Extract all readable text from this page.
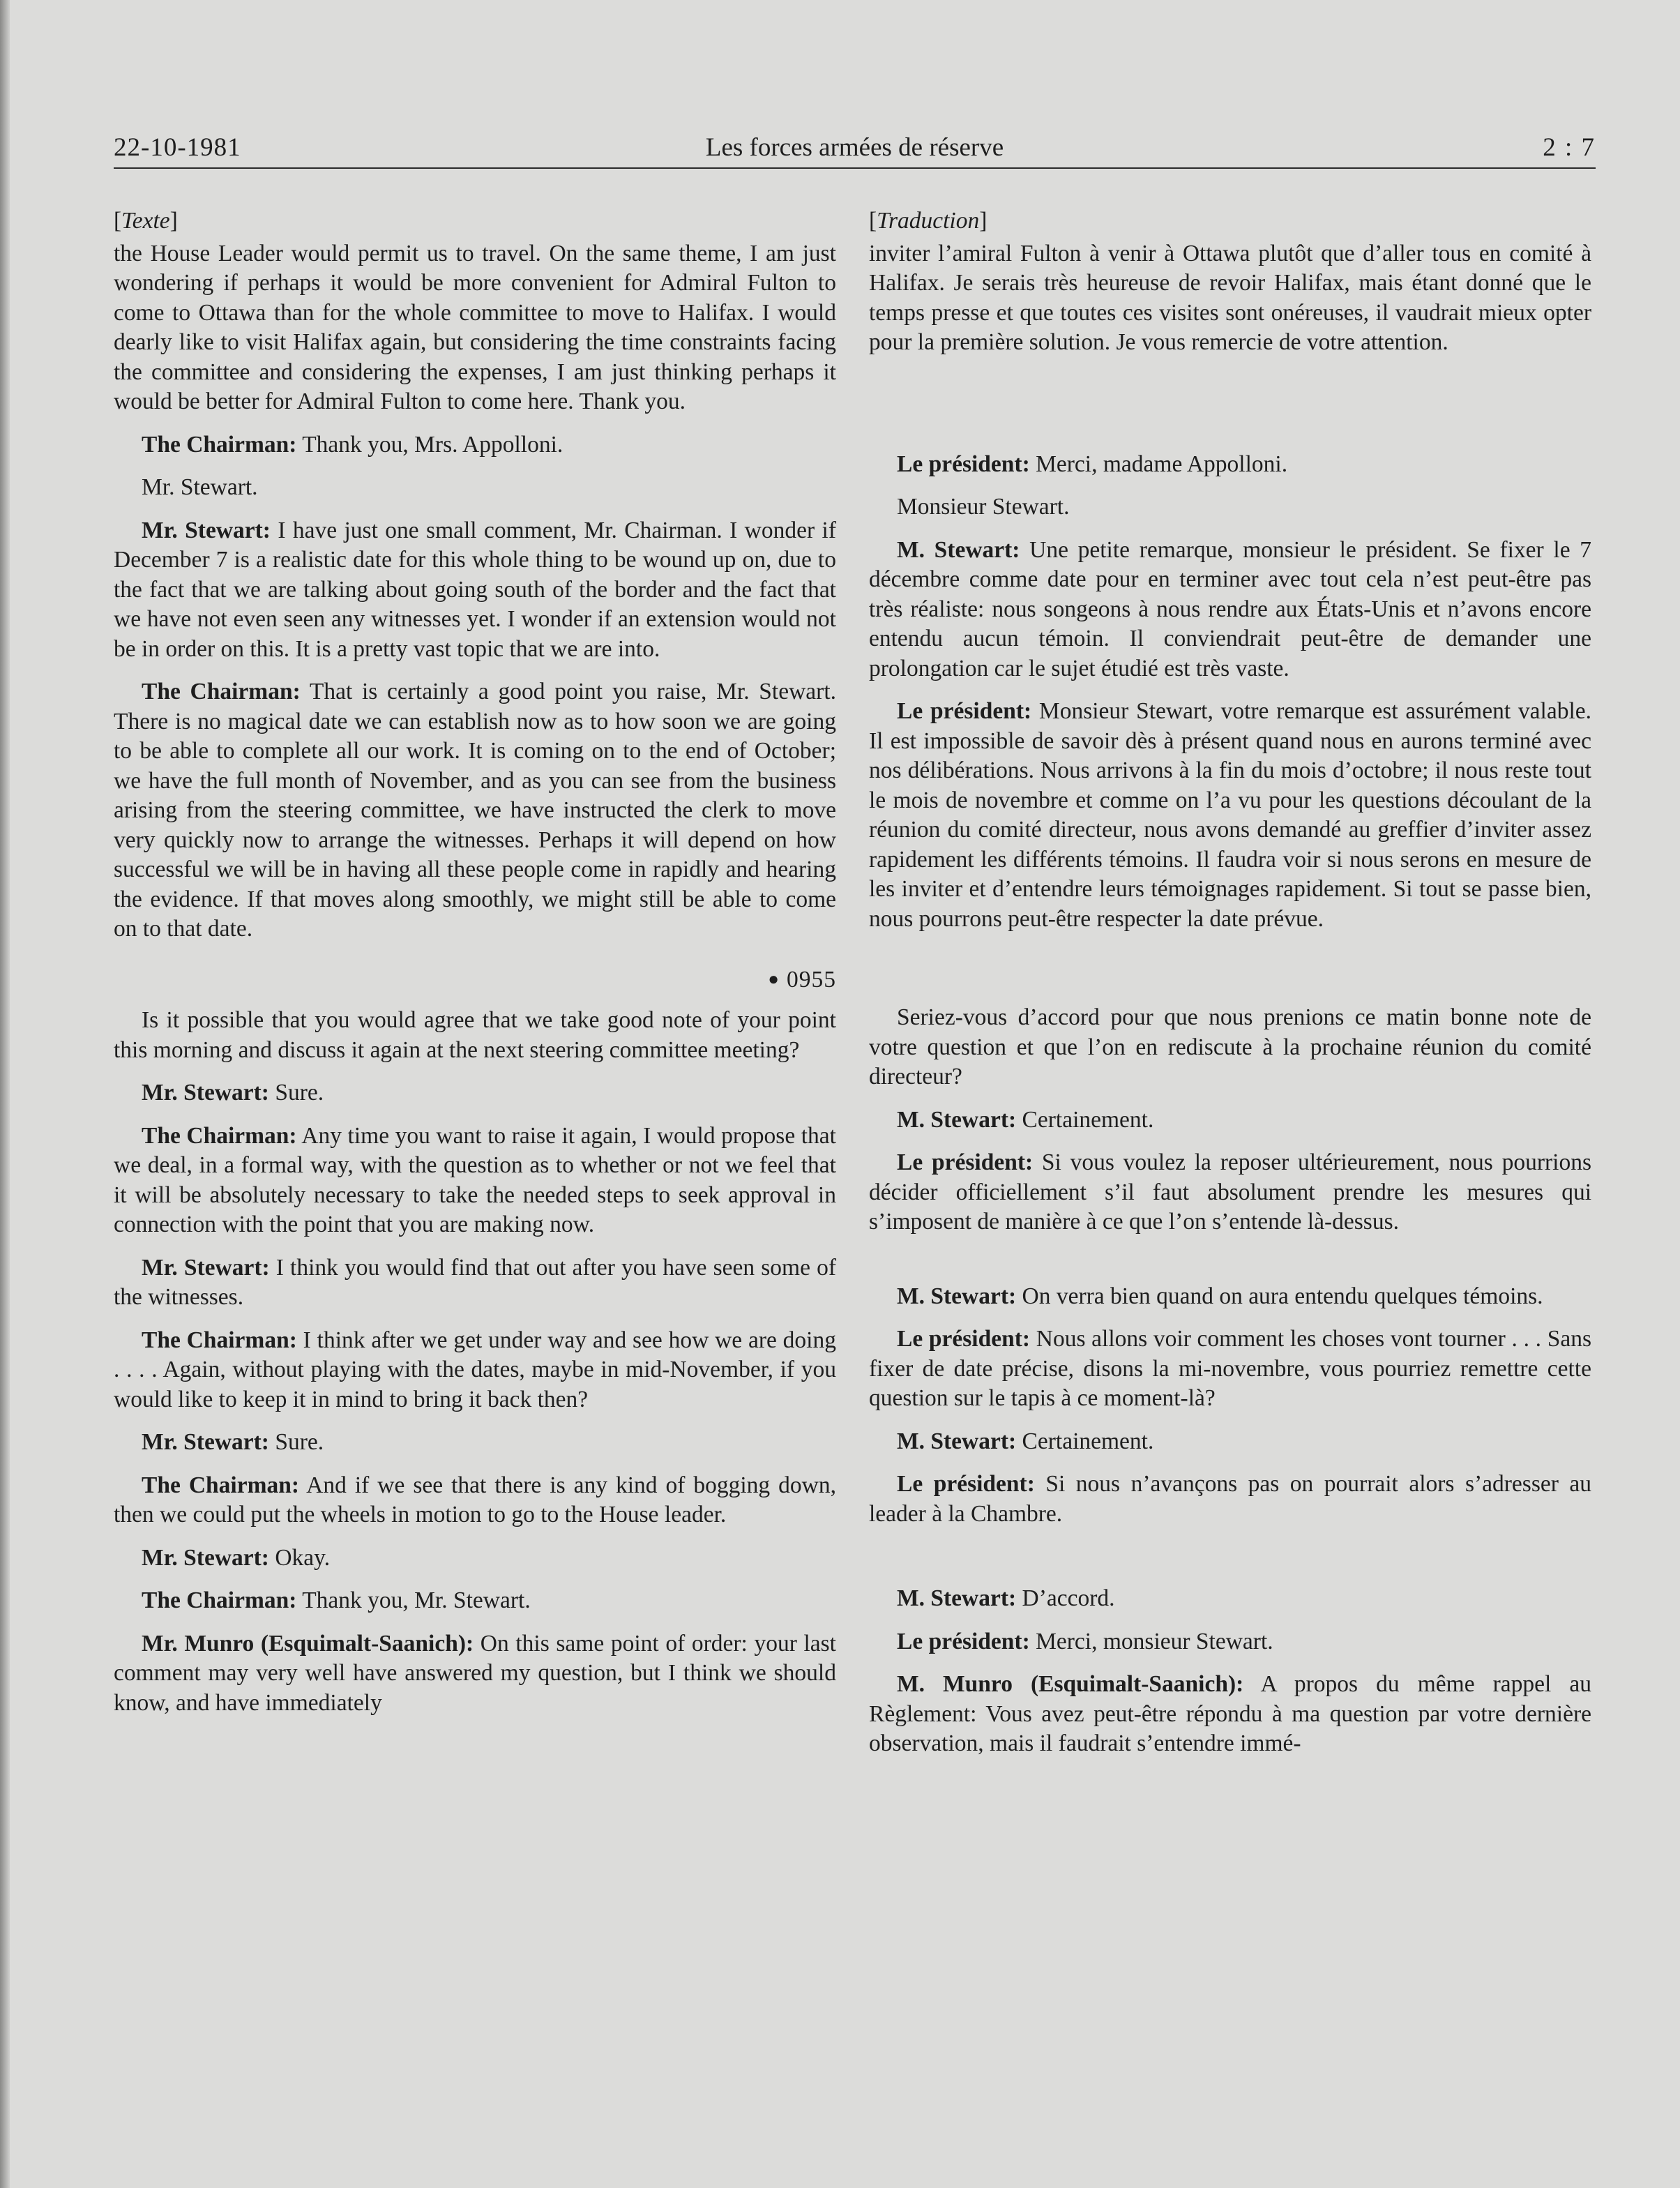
22-10-1981	Les forces armées de réserve	2 : 7
[Texte]

the House Leader would permit us to travel. On the same theme, I am just wondering if perhaps it would be more convenient for Admiral Fulton to come to Ottawa than for the whole committee to move to Halifax. I would dearly like to visit Halifax again, but considering the time constraints facing the committee and considering the expenses, I am just thinking perhaps it would be better for Admiral Fulton to come here. Thank you.

The Chairman: Thank you, Mrs. Appolloni.

Mr. Stewart.

Mr. Stewart: I have just one small comment, Mr. Chairman. I wonder if December 7 is a realistic date for this whole thing to be wound up on, due to the fact that we are talking about going south of the border and the fact that we have not even seen any witnesses yet. I wonder if an extension would not be in order on this. It is a pretty vast topic that we are into.

The Chairman: That is certainly a good point you raise, Mr. Stewart. There is no magical date we can establish now as to how soon we are going to be able to complete all our work. It is coming on to the end of October; we have the full month of November, and as you can see from the business arising from the steering committee, we have instructed the clerk to move very quickly now to arrange the witnesses. Perhaps it will depend on how successful we will be in having all these people come in rapidly and hearing the evidence. If that moves along smoothly, we might still be able to come on to that date.

● 0955

Is it possible that you would agree that we take good note of your point this morning and discuss it again at the next steering committee meeting?

Mr. Stewart: Sure.

The Chairman: Any time you want to raise it again, I would propose that we deal, in a formal way, with the question as to whether or not we feel that it will be absolutely necessary to take the needed steps to seek approval in connection with the point that you are making now.

Mr. Stewart: I think you would find that out after you have seen some of the witnesses.

The Chairman: I think after we get under way and see how we are doing . . . . Again, without playing with the dates, maybe in mid-November, if you would like to keep it in mind to bring it back then?

Mr. Stewart: Sure.

The Chairman: And if we see that there is any kind of bogging down, then we could put the wheels in motion to go to the House leader.

Mr. Stewart: Okay.

The Chairman: Thank you, Mr. Stewart.

Mr. Munro (Esquimalt-Saanich): On this same point of order: your last comment may very well have answered my question, but I think we should know, and have immediately

[Traduction]

inviter l’amiral Fulton à venir à Ottawa plutôt que d’aller tous en comité à Halifax. Je serais très heureuse de revoir Halifax, mais étant donné que le temps presse et que toutes ces visites sont onéreuses, il vaudrait mieux opter pour la première solution. Je vous remercie de votre attention.

Le président: Merci, madame Appolloni.

Monsieur Stewart.

M. Stewart: Une petite remarque, monsieur le président. Se fixer le 7 décembre comme date pour en terminer avec tout cela n’est peut-être pas très réaliste: nous songeons à nous rendre aux États-Unis et n’avons encore entendu aucun témoin. Il conviendrait peut-être de demander une prolongation car le sujet étudié est très vaste.

Le président: Monsieur Stewart, votre remarque est assurément valable. Il est impossible de savoir dès à présent quand nous en aurons terminé avec nos délibérations. Nous arrivons à la fin du mois d’octobre; il nous reste tout le mois de novembre et comme on l’a vu pour les questions découlant de la réunion du comité directeur, nous avons demandé au greffier d’inviter assez rapidement les différents témoins. Il faudra voir si nous serons en mesure de les inviter et d’entendre leurs témoignages rapidement. Si tout se passe bien, nous pourrons peut-être respecter la date prévue.

Seriez-vous d’accord pour que nous prenions ce matin bonne note de votre question et que l’on en rediscute à la prochaine réunion du comité directeur?

M. Stewart: Certainement.

Le président: Si vous voulez la reposer ultérieurement, nous pourrions décider officiellement s’il faut absolument prendre les mesures qui s’imposent de manière à ce que l’on s’entende là-dessus.

M. Stewart: On verra bien quand on aura entendu quelques témoins.

Le président: Nous allons voir comment les choses vont tourner . . . Sans fixer de date précise, disons la mi-novembre, vous pourriez remettre cette question sur le tapis à ce moment-là?

M. Stewart: Certainement.

Le président: Si nous n’avançons pas on pourrait alors s’adresser au leader à la Chambre.

M. Stewart: D’accord.

Le président: Merci, monsieur Stewart.

M. Munro (Esquimalt-Saanich): A propos du même rappel au Règlement: Vous avez peut-être répondu à ma question par votre dernière observation, mais il faudrait s’entendre immé-
